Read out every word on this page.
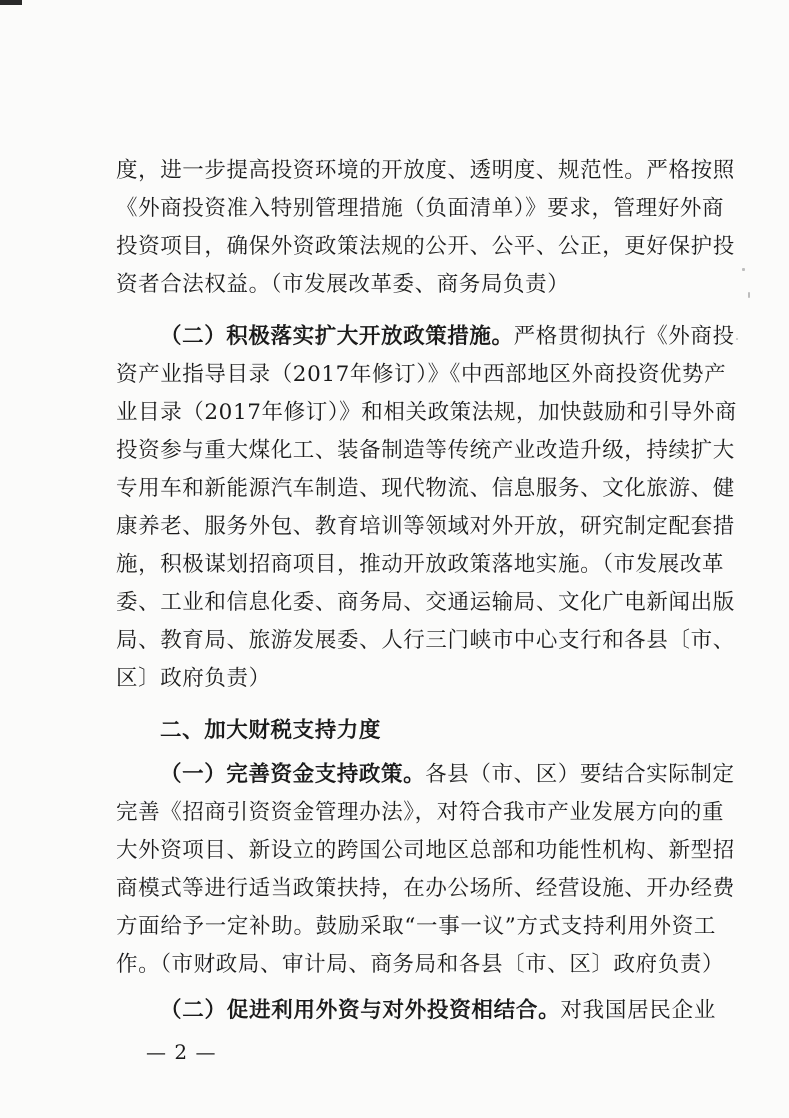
度，进一步提高投资环境的开放度、透明度、规范性。严格按照
《外商投资准入特别管理措施（负面清单）》要求，管理好外商
投资项目，确保外资政策法规的公开、公平、公正，更好保护投
资者合法权益。（市发展改革委、商务局负责）
（二）积极落实扩大开放政策措施。严格贯彻执行《外商投
资产业指导目录（2017年修订）》《中西部地区外商投资优势产
业目录（2017年修订）》和相关政策法规，加快鼓励和引导外商
投资参与重大煤化工、装备制造等传统产业改造升级，持续扩大
专用车和新能源汽车制造、现代物流、信息服务、文化旅游、健
康养老、服务外包、教育培训等领域对外开放，研究制定配套措
施，积极谋划招商项目，推动开放政策落地实施。（市发展改革
委、工业和信息化委、商务局、交通运输局、文化广电新闻出版
局、教育局、旅游发展委、人行三门峡市中心支行和各县〔市、
区〕政府负责）
二、加大财税支持力度
（一）完善资金支持政策。各县（市、区）要结合实际制定
完善《招商引资资金管理办法》，对符合我市产业发展方向的重
大外资项目、新设立的跨国公司地区总部和功能性机构、新型招
商模式等进行适当政策扶持，在办公场所、经营设施、开办经费
方面给予一定补助。鼓励采取“一事一议”方式支持利用外资工
作。（市财政局、审计局、商务局和各县〔市、区〕政府负责）
（二）促进利用外资与对外投资相结合。对我国居民企业
— 2 —
